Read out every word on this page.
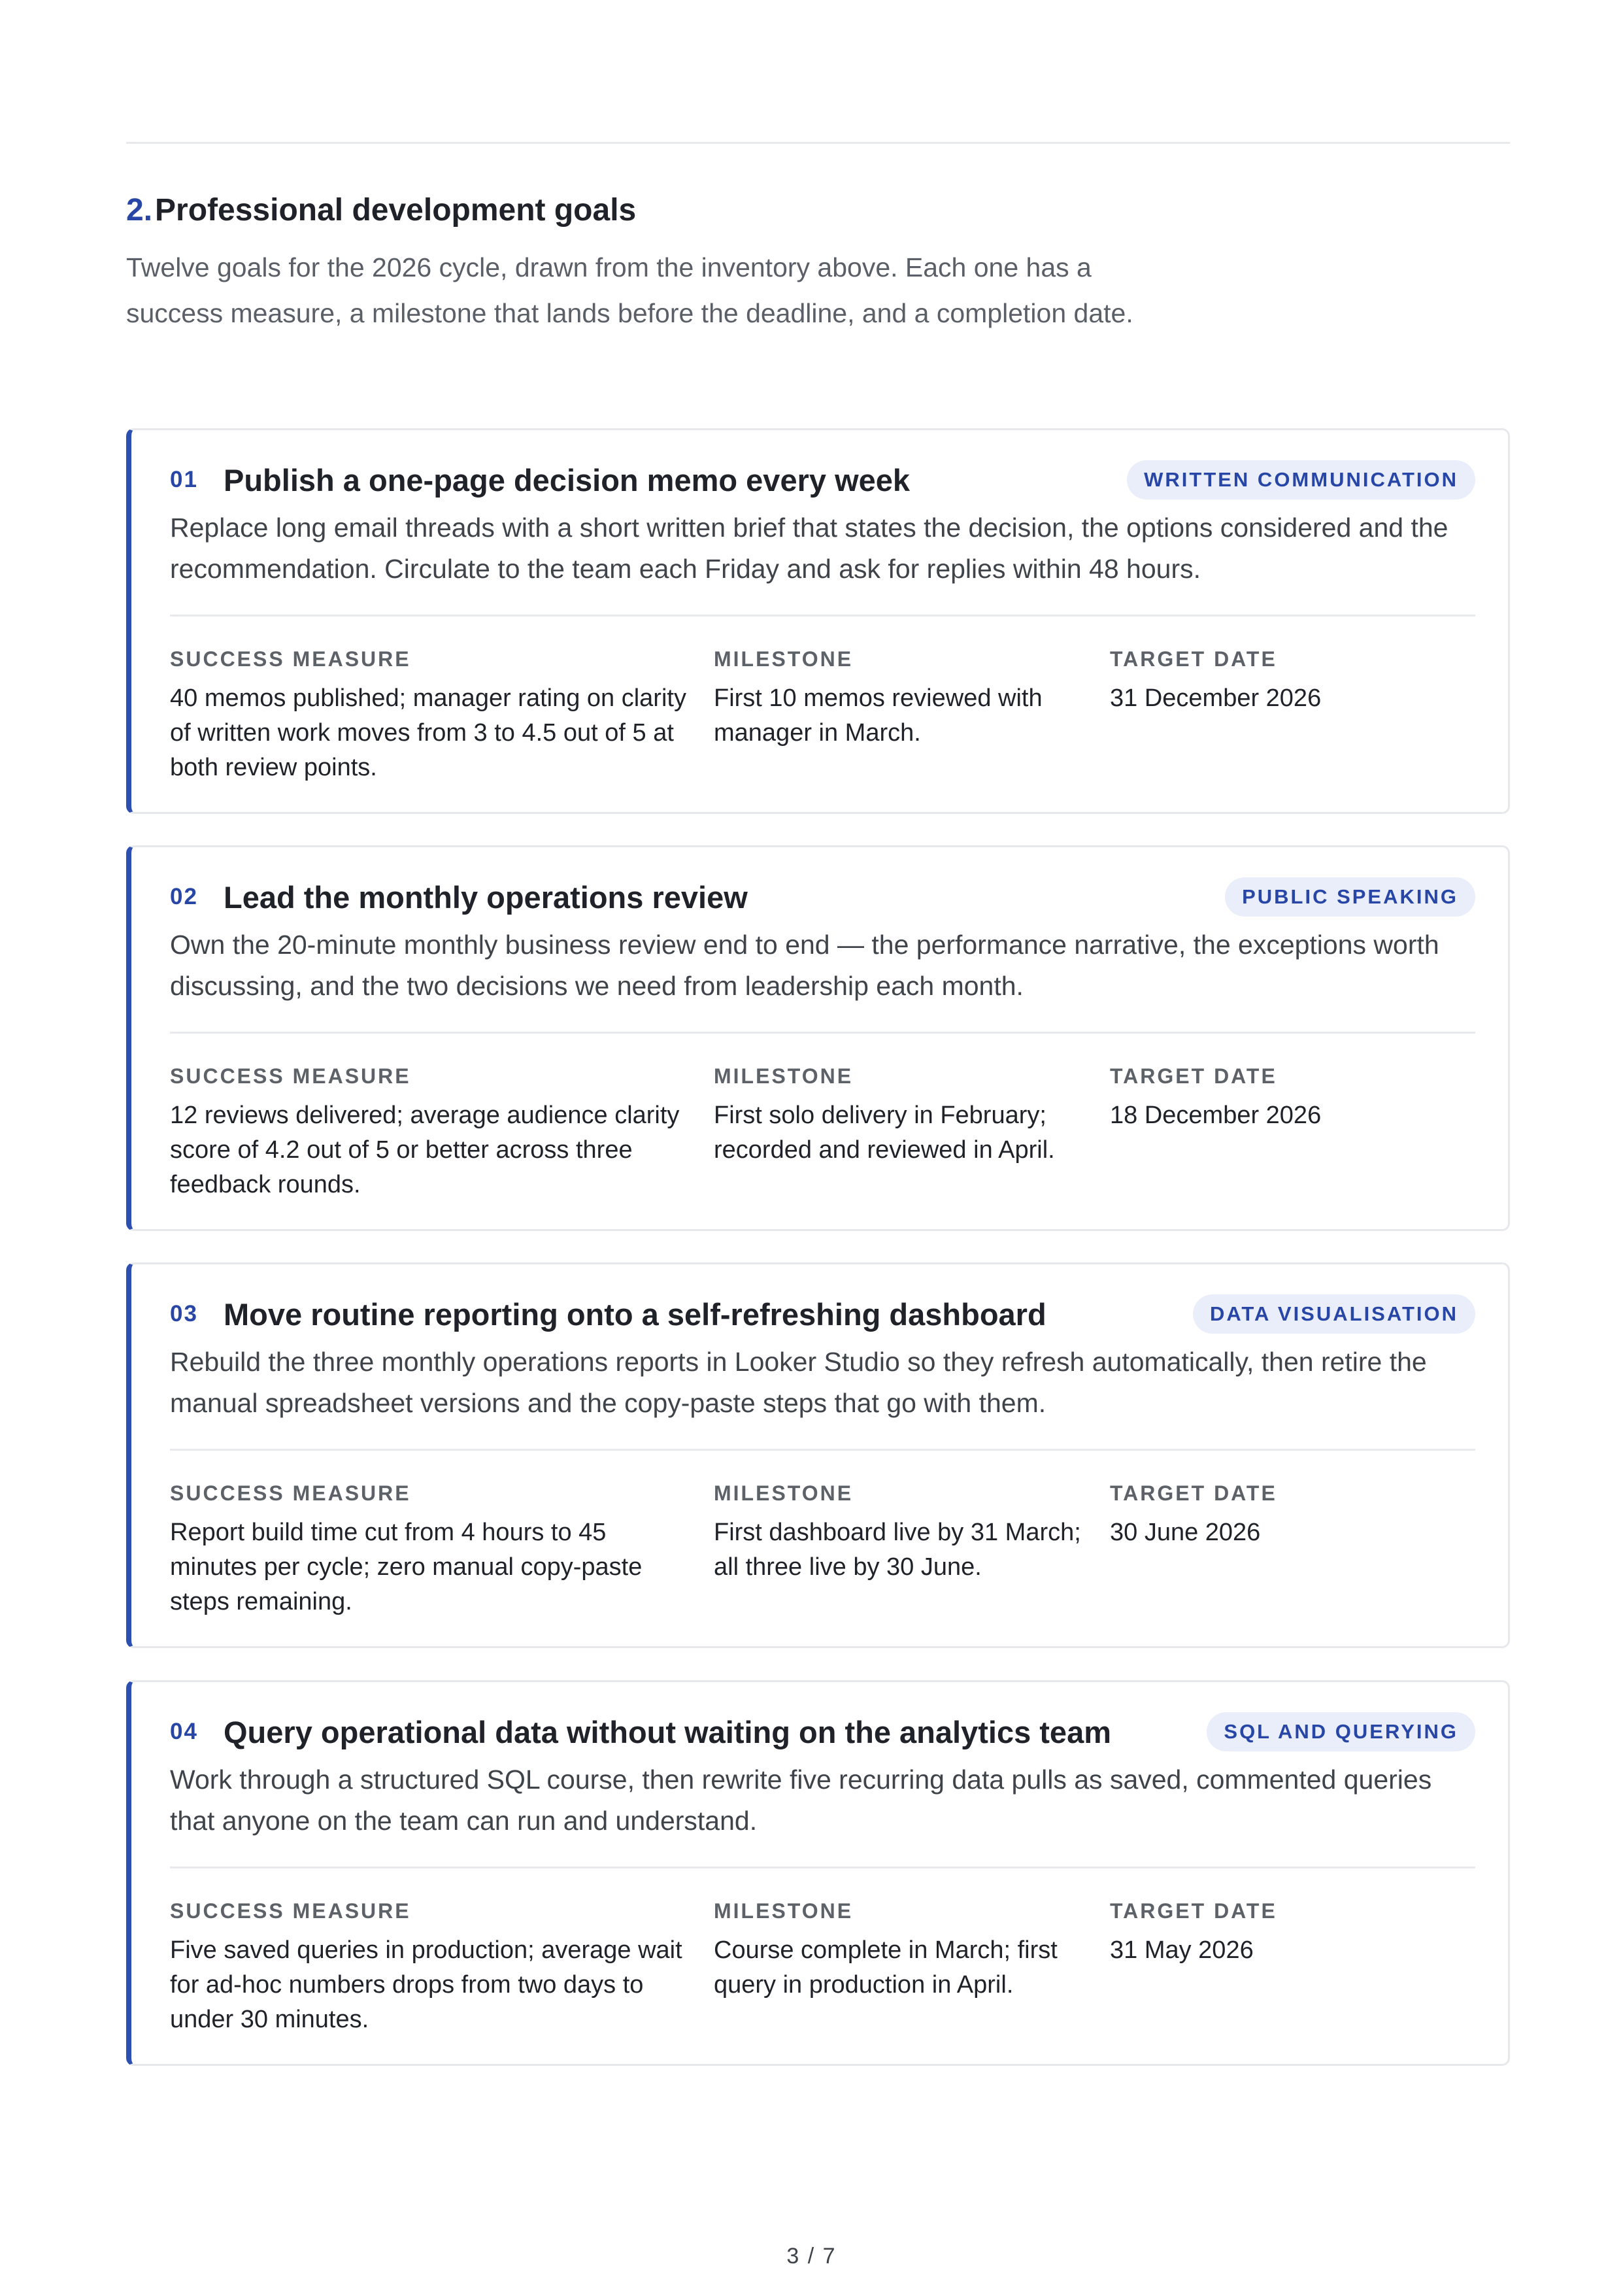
2.Professional development goals

Twelve goals for the 2026 cycle, drawn from the inventory above. Each one has a success measure, a milestone that lands before the deadline, and a completion date.

01 Publish a one-page decision memo every week	WRITTEN COMMUNICATION

Replace long email threads with a short written brief that states the decision, the options considered and the recommendation. Circulate to the team each Friday and ask for replies within 48 hours.

SUCCESS MEASURE
40 memos published; manager rating on clarity of written work moves from 3 to 4.5 out of 5 at both review points.
MILESTONE
First 10 memos reviewed with manager in March.
TARGET DATE
31 December 2026
02 Lead the monthly operations review	PUBLIC SPEAKING

Own the 20-minute monthly business review end to end — the performance narrative, the exceptions worth discussing, and the two decisions we need from leadership each month.

SUCCESS MEASURE
12 reviews delivered; average audience clarity score of 4.2 out of 5 or better across three feedback rounds.
MILESTONE
First solo delivery in February; recorded and reviewed in April.
TARGET DATE
18 December 2026
03 Move routine reporting onto a self-refreshing dashboard	DATA VISUALISATION

Rebuild the three monthly operations reports in Looker Studio so they refresh automatically, then retire the manual spreadsheet versions and the copy-paste steps that go with them.

SUCCESS MEASURE
Report build time cut from 4 hours to 45 minutes per cycle; zero manual copy-paste steps remaining.
MILESTONE
First dashboard live by 31 March; all three live by 30 June.
TARGET DATE
30 June 2026
04 Query operational data without waiting on the analytics team	SQL AND QUERYING

Work through a structured SQL course, then rewrite five recurring data pulls as saved, commented queries that anyone on the team can run and understand.

SUCCESS MEASURE
Five saved queries in production; average wait for ad-hoc numbers drops from two days to under 30 minutes.
MILESTONE
Course complete in March; first query in production in April.
TARGET DATE
31 May 2026
3 / 7
